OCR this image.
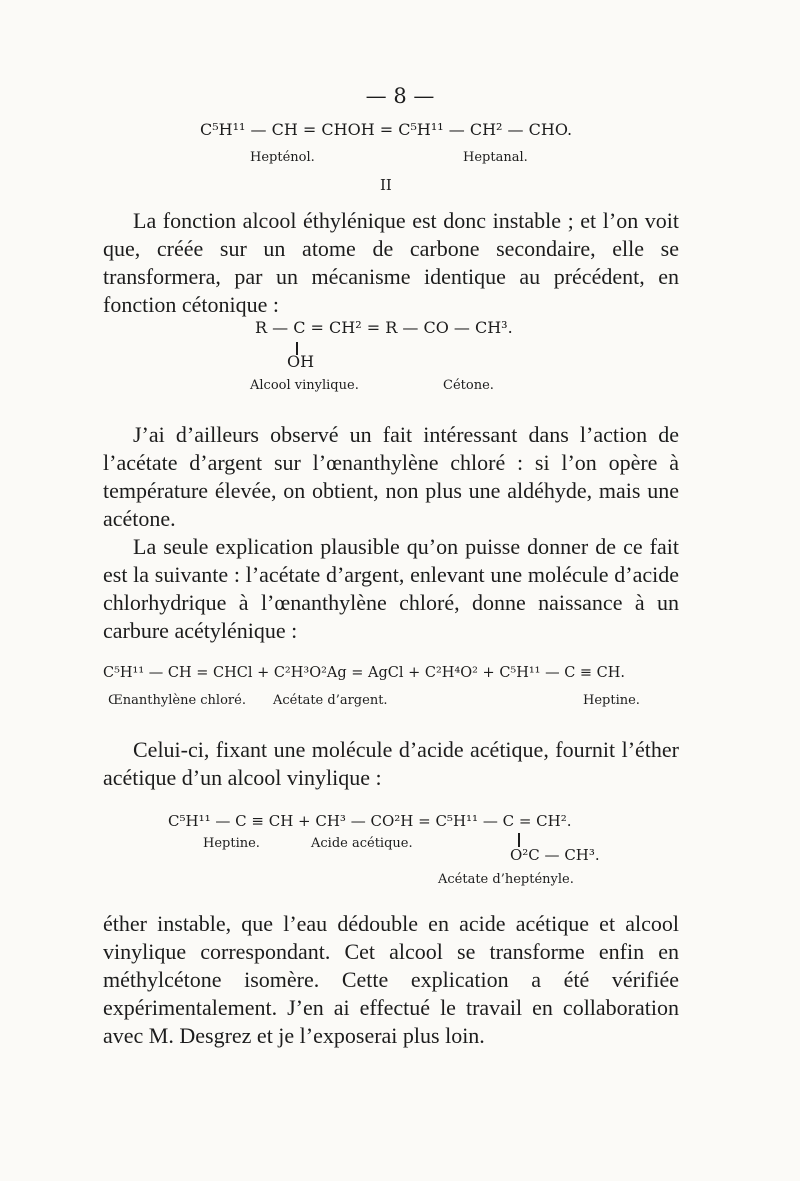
— 8 —
C⁵H¹¹ — CH = CHOH = C⁵H¹¹ — CH² — CHO.
Hepténol.	Heptanal.
II

La fonction alcool éthylénique est donc instable ; et l’on voit que, créée sur un atome de carbone secondaire, elle se transformera, par un mécanisme identique au précédent, en fonction cétonique :

R — C = CH² = R — CO — CH³.
OH
Alcool vinylique.	Cétone.

J’ai d’ailleurs observé un fait intéressant dans l’action de l’acétate d’argent sur l’œnanthylène chloré : si l’on opère à température élevée, on obtient, non plus une aldéhyde, mais une acétone.

La seule explication plausible qu’on puisse donner de ce fait est la suivante : l’acétate d’argent, enlevant une molécule d’acide chlorhydrique à l’œnanthylène chloré, donne naissance à un carbure acétylénique :

C⁵H¹¹ — CH = CHCl + C²H³O²Ag = AgCl + C²H⁴O² + C⁵H¹¹ — C ≡ CH.
Œnanthylène chloré. Acétate d’argent.	Heptine.

Celui-ci, fixant une molécule d’acide acétique, fournit l’éther acétique d’un alcool vinylique :

C⁵H¹¹ — C ≡ CH + CH³ — CO²H = C⁵H¹¹ — C = CH².
Heptine.	Acide acétique.
O²C — CH³.
Acétate d’hepténylе.

éther instable, que l’eau dédouble en acide acétique et alcool vinylique correspondant. Cet alcool se transforme enfin en méthylcétone isomère. Cette explication a été vérifiée expérimentalement. J’en ai effectué le travail en collaboration avec M. Desgrez et je l’exposerai plus loin.
